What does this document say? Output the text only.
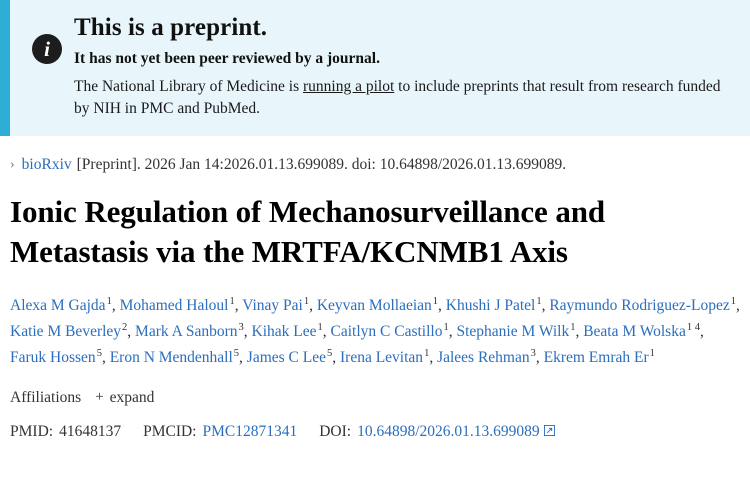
i
This is a preprint.
It has not yet been peer reviewed by a journal.

The National Library of Medicine is running a pilot to include preprints that result from research funded by NIH in PMC and PubMed.

› bioRxiv [Preprint]. 2026 Jan 14:2026.01.13.699089. doi: 10.64898/2026.01.13.699089.
Ionic Regulation of Mechanosurveillance and Metastasis via the MRTFA/KCNMB1 Axis
Alexa M Gajda$^1$, Mohamed Haloul$^1$, Vinay Pai$^1$, Keyvan Mollaeian$^1$, Khushi J Patel$^1$, Raymundo Rodriguez-Lopez$^1$, Katie M Beverley$^2$, Mark A Sanborn$^3$, Kihak Lee$^1$, Caitlyn C Castillo$^1$, Stephanie M Wilk$^1$, Beata M Wolska$^{1 4}$, Faruk Hossen$^5$, Eron N Mendenhall$^5$, James C Lee$^5$, Irena Levitan$^1$, Jalees Rehman$^3$, Ekrem Emrah Er$^1$
Affiliations + expand
PMID: 41648137 PMCID: PMC12871341 DOI: 10.64898/2026.01.13.699089
